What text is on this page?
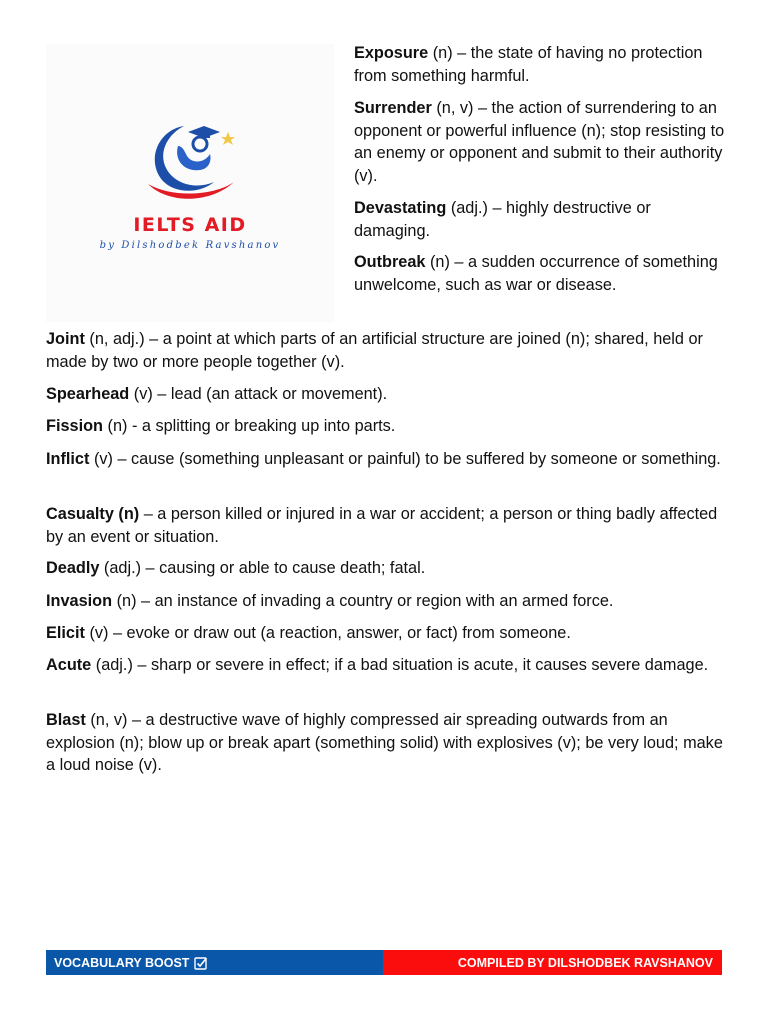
IELTS AID
by Dilshodbek Ravshanov

Exposure (n) – the state of having no protection from something harmful.

Surrender (n, v) – the action of surrendering to an opponent or powerful influence (n); stop resisting to an enemy or opponent and submit to their authority (v).

Devastating (adj.) – highly destructive or damaging.

Outbreak (n) – a sudden occurrence of something unwelcome, such as war or disease.

Joint (n, adj.) – a point at which parts of an artificial structure are joined (n); shared, held or made by two or more people together (v).

Spearhead (v) – lead (an attack or movement).

Fission (n) - a splitting or breaking up into parts.

Inflict (v) – cause (something unpleasant or painful) to be suffered by someone or something.

Casualty (n) – a person killed or injured in a war or accident; a person or thing badly affected by an event or situation.

Deadly (adj.) – causing or able to cause death; fatal.

Invasion (n) – an instance of invading a country or region with an armed force.

Elicit (v) – evoke or draw out (a reaction, answer, or fact) from someone.

Acute (adj.) – sharp or severe in effect; if a bad situation is acute, it causes severe damage.

Blast (n, v) – a destructive wave of highly compressed air spreading outwards from an explosion (n); blow up or break apart (something solid) with explosives (v); be very loud; make a loud noise (v).

VOCABULARY BOOST	COMPILED BY DILSHODBEK RAVSHANOV
